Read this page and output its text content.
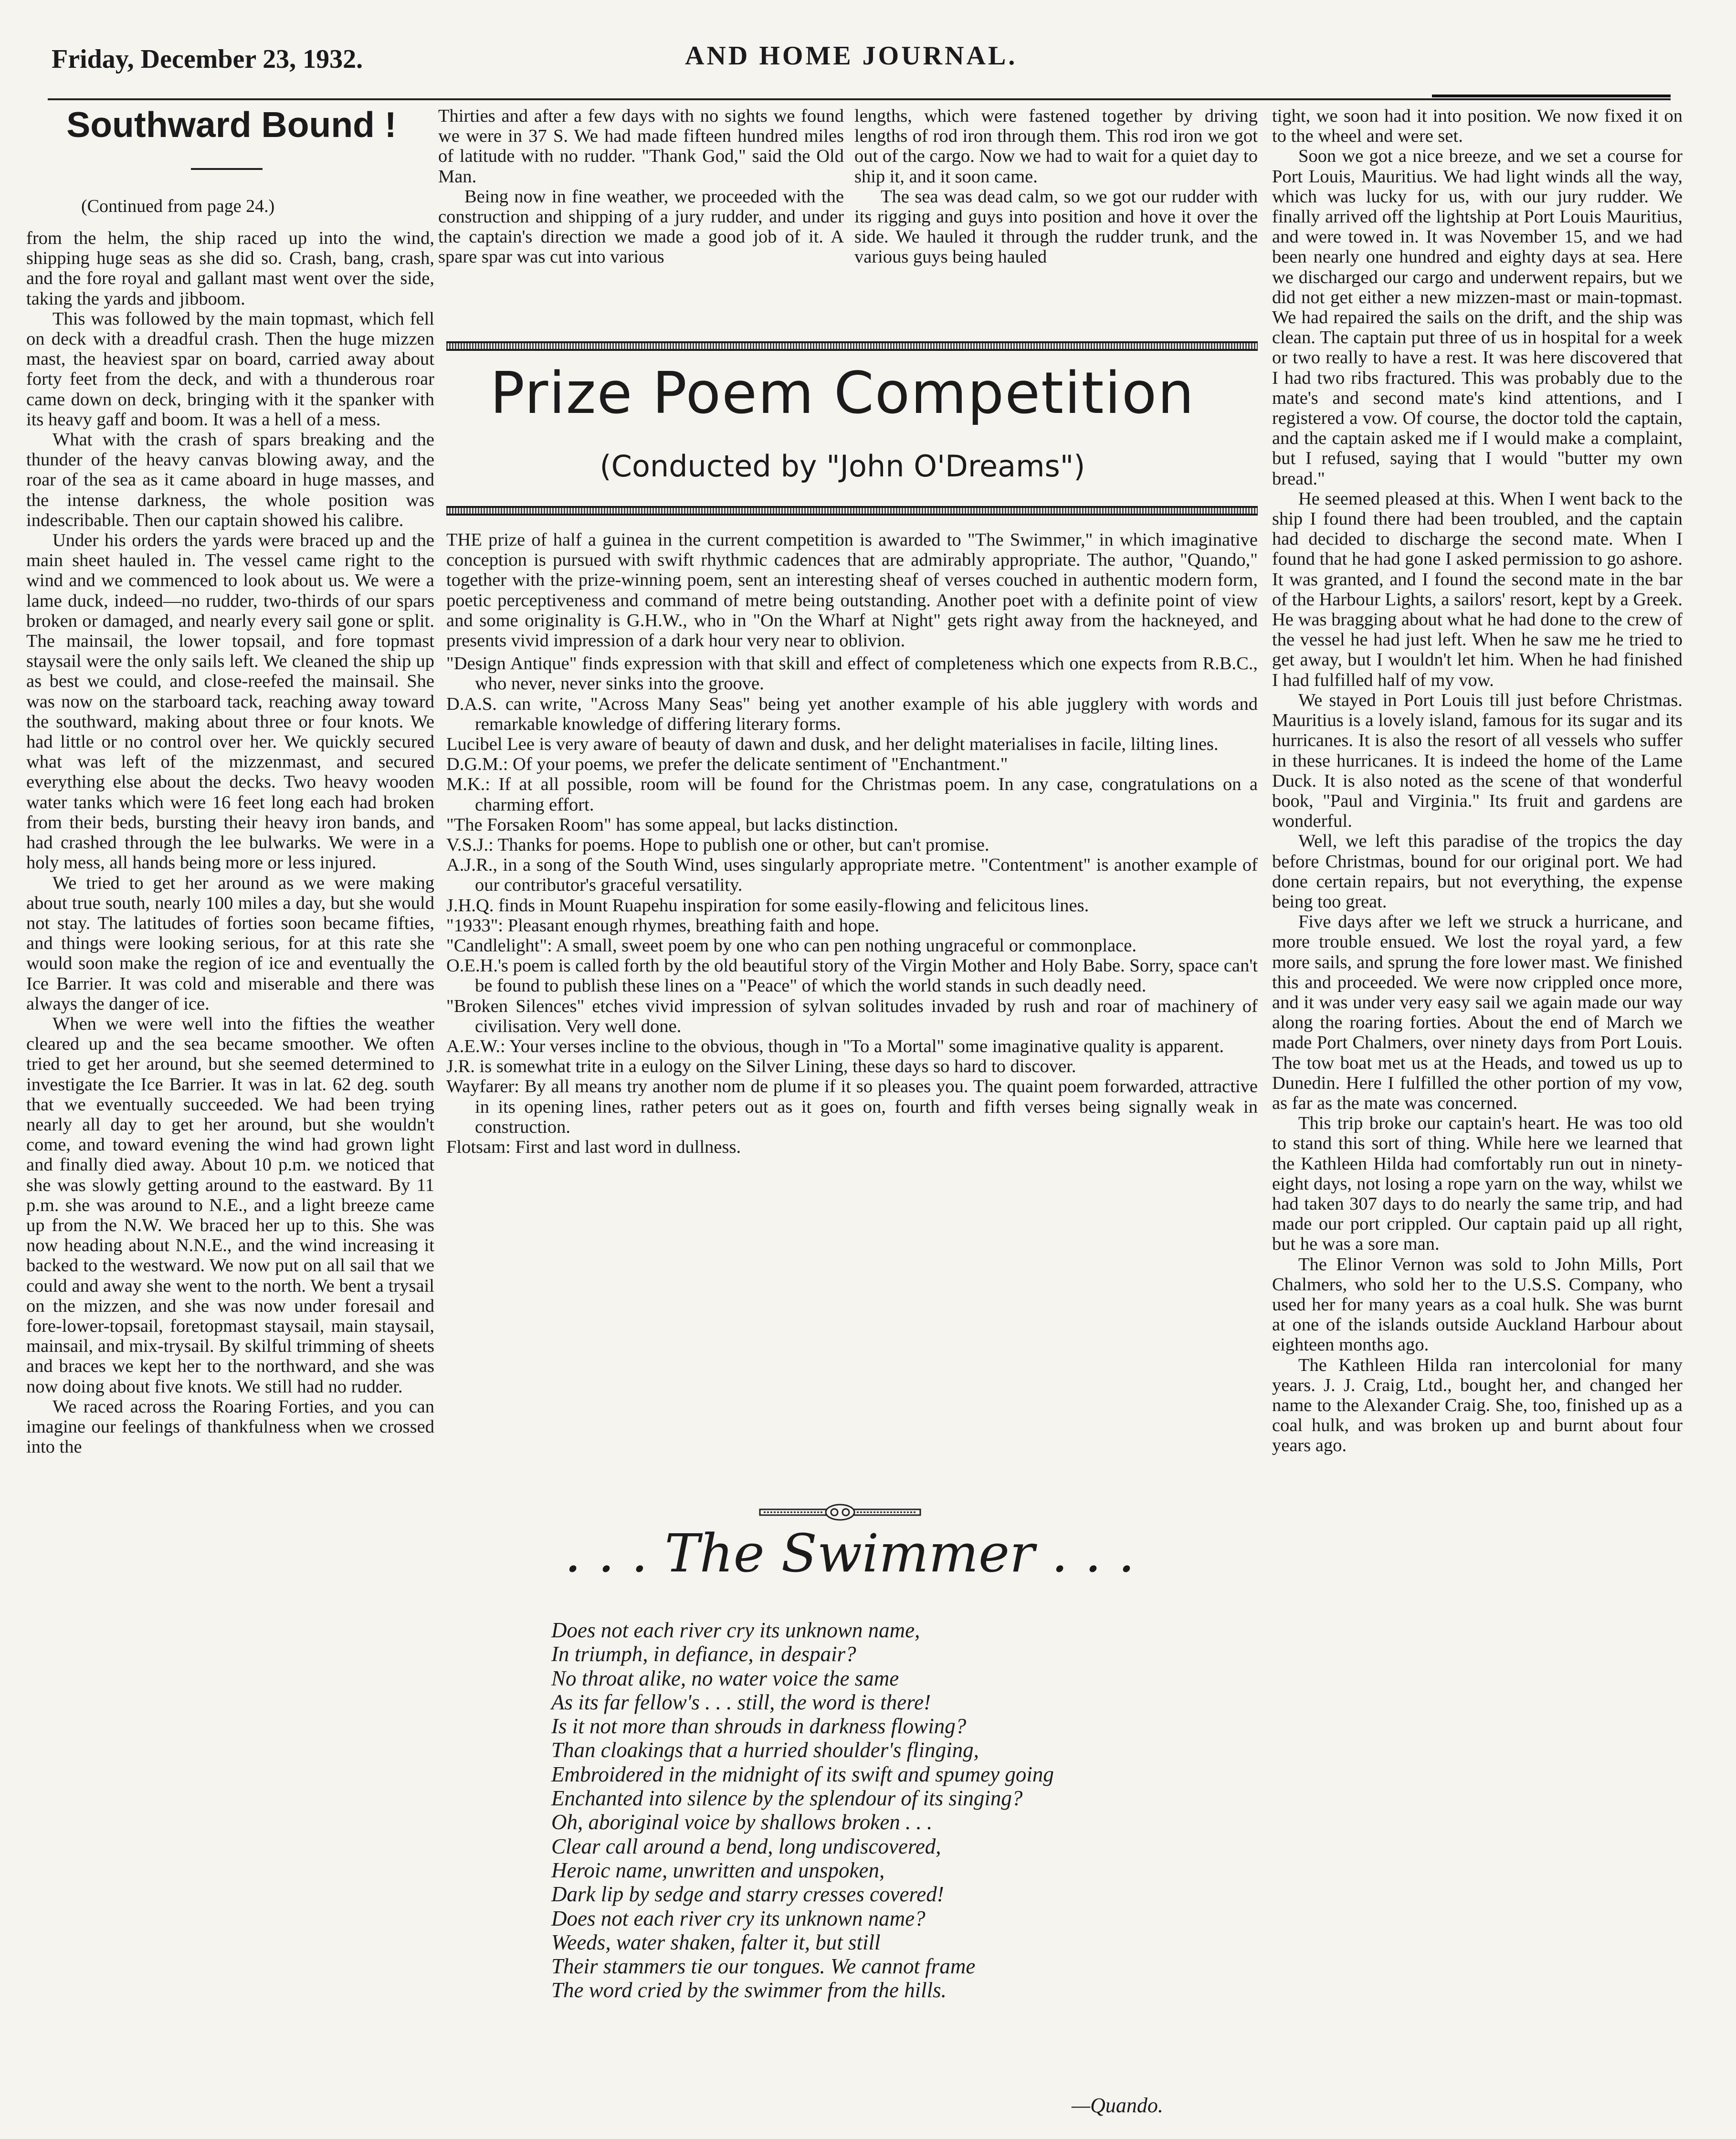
Friday, December 23, 1932.	AND HOME JOURNAL.
Southward Bound !
(Continued from page 24.)

from the helm, the ship raced up into the wind, shipping huge seas as she did so. Crash, bang, crash, and the fore royal and gallant mast went over the side, taking the yards and jibboom.

This was followed by the main topmast, which fell on deck with a dreadful crash. Then the huge mizzen mast, the heaviest spar on board, carried away about forty feet from the deck, and with a thunderous roar came down on deck, bringing with it the spanker with its heavy gaff and boom. It was a hell of a mess.

What with the crash of spars breaking and the thunder of the heavy canvas blowing away, and the roar of the sea as it came aboard in huge masses, and the intense darkness, the whole position was indescribable. Then our captain showed his calibre.

Under his orders the yards were braced up and the main sheet hauled in. The vessel came right to the wind and we commenced to look about us. We were a lame duck, indeed—no rudder, two-thirds of our spars broken or damaged, and nearly every sail gone or split. The mainsail, the lower topsail, and fore topmast staysail were the only sails left. We cleaned the ship up as best we could, and close-reefed the mainsail. She was now on the starboard tack, reaching away toward the southward, making about three or four knots. We had little or no control over her. We quickly secured what was left of the mizzenmast, and secured everything else about the decks. Two heavy wooden water tanks which were 16 feet long each had broken from their beds, bursting their heavy iron bands, and had crashed through the lee bulwarks. We were in a holy mess, all hands being more or less injured.

We tried to get her around as we were making about true south, nearly 100 miles a day, but she would not stay. The latitudes of forties soon became fifties, and things were looking serious, for at this rate she would soon make the region of ice and eventually the Ice Barrier. It was cold and miserable and there was always the danger of ice.

When we were well into the fifties the weather cleared up and the sea became smoother. We often tried to get her around, but she seemed determined to investigate the Ice Barrier. It was in lat. 62 deg. south that we eventually succeeded. We had been trying nearly all day to get her around, but she wouldn't come, and toward evening the wind had grown light and finally died away. About 10 p.m. we noticed that she was slowly getting around to the eastward. By 11 p.m. she was around to N.E., and a light breeze came up from the N.W. We braced her up to this. She was now heading about N.N.E., and the wind increasing it backed to the westward. We now put on all sail that we could and away she went to the north. We bent a trysail on the mizzen, and she was now under foresail and fore-lower-topsail, foretopmast staysail, main staysail, mainsail, and mix-trysail. By skilful trimming of sheets and braces we kept her to the northward, and she was now doing about five knots. We still had no rudder.

We raced across the Roaring Forties, and you can imagine our feelings of thankfulness when we crossed into the

Thirties and after a few days with no sights we found we were in 37 S. We had made fifteen hundred miles of latitude with no rudder. "Thank God," said the Old Man.

Being now in fine weather, we proceeded with the construction and shipping of a jury rudder, and under the captain's direction we made a good job of it. A spare spar was cut into various

lengths, which were fastened together by driving lengths of rod iron through them. This rod iron we got out of the cargo. Now we had to wait for a quiet day to ship it, and it soon came.

The sea was dead calm, so we got our rudder with its rigging and guys into position and hove it over the side. We hauled it through the rudder trunk, and the various guys being hauled

tight, we soon had it into position. We now fixed it on to the wheel and were set.

Soon we got a nice breeze, and we set a course for Port Louis, Mauritius. We had light winds all the way, which was lucky for us, with our jury rudder. We finally arrived off the lightship at Port Louis Mauritius, and were towed in. It was November 15, and we had been nearly one hundred and eighty days at sea. Here we discharged our cargo and underwent repairs, but we did not get either a new mizzen-mast or main-topmast. We had repaired the sails on the drift, and the ship was clean. The captain put three of us in hospital for a week or two really to have a rest. It was here discovered that I had two ribs fractured. This was probably due to the mate's and second mate's kind attentions, and I registered a vow. Of course, the doctor told the captain, and the captain asked me if I would make a complaint, but I refused, saying that I would "butter my own bread."

He seemed pleased at this. When I went back to the ship I found there had been troubled, and the captain had decided to discharge the second mate. When I found that he had gone I asked permission to go ashore. It was granted, and I found the second mate in the bar of the Harbour Lights, a sailors' resort, kept by a Greek. He was bragging about what he had done to the crew of the vessel he had just left. When he saw me he tried to get away, but I wouldn't let him. When he had finished I had fulfilled half of my vow.

We stayed in Port Louis till just before Christmas. Mauritius is a lovely island, famous for its sugar and its hurricanes. It is also the resort of all vessels who suffer in these hurricanes. It is indeed the home of the Lame Duck. It is also noted as the scene of that wonderful book, "Paul and Virginia." Its fruit and gardens are wonderful.

Well, we left this paradise of the tropics the day before Christmas, bound for our original port. We had done certain repairs, but not everything, the expense being too great.

Five days after we left we struck a hurricane, and more trouble ensued. We lost the royal yard, a few more sails, and sprung the fore lower mast. We finished this and proceeded. We were now crippled once more, and it was under very easy sail we again made our way along the roaring forties. About the end of March we made Port Chalmers, over ninety days from Port Louis. The tow boat met us at the Heads, and towed us up to Dunedin. Here I fulfilled the other portion of my vow, as far as the mate was concerned.

This trip broke our captain's heart. He was too old to stand this sort of thing. While here we learned that the Kathleen Hilda had comfortably run out in ninety-eight days, not losing a rope yarn on the way, whilst we had taken 307 days to do nearly the same trip, and had made our port crippled. Our captain paid up all right, but he was a sore man.

The Elinor Vernon was sold to John Mills, Port Chalmers, who sold her to the U.S.S. Company, who used her for many years as a coal hulk. She was burnt at one of the islands outside Auckland Harbour about eighteen months ago.

The Kathleen Hilda ran intercolonial for many years. J. J. Craig, Ltd., bought her, and changed her name to the Alexander Craig. She, too, finished up as a coal hulk, and was broken up and burnt about four years ago.

Prize Poem Competition
(Conducted by "John O'Dreams")

THE prize of half a guinea in the current competition is awarded to "The Swimmer," in which imaginative conception is pursued with swift rhythmic cadences that are admirably appropriate. The author, "Quando," together with the prize-winning poem, sent an interesting sheaf of verses couched in authentic modern form, poetic perceptiveness and command of metre being outstanding. Another poet with a definite point of view and some originality is G.H.W., who in "On the Wharf at Night" gets right away from the hackneyed, and presents vivid impression of a dark hour very near to oblivion.

"Design Antique" finds expression with that skill and effect of completeness which one expects from R.B.C., who never, never sinks into the groove.

D.A.S. can write, "Across Many Seas" being yet another example of his able jugglery with words and remarkable knowledge of differing literary forms.

Lucibel Lee is very aware of beauty of dawn and dusk, and her delight materialises in facile, lilting lines.

D.G.M.: Of your poems, we prefer the delicate sentiment of "Enchantment."

M.K.: If at all possible, room will be found for the Christmas poem. In any case, congratulations on a charming effort.

"The Forsaken Room" has some appeal, but lacks distinction.

V.S.J.: Thanks for poems. Hope to publish one or other, but can't promise.

A.J.R., in a song of the South Wind, uses singularly appropriate metre. "Contentment" is another example of our contributor's graceful versatility.

J.H.Q. finds in Mount Ruapehu inspiration for some easily-flowing and felicitous lines.

"1933": Pleasant enough rhymes, breathing faith and hope.

"Candlelight": A small, sweet poem by one who can pen nothing ungraceful or commonplace.

O.E.H.'s poem is called forth by the old beautiful story of the Virgin Mother and Holy Babe. Sorry, space can't be found to publish these lines on a "Peace" of which the world stands in such deadly need.

"Broken Silences" etches vivid impression of sylvan solitudes invaded by rush and roar of machinery of civilisation. Very well done.

A.E.W.: Your verses incline to the obvious, though in "To a Mortal" some imaginative quality is apparent.

J.R. is somewhat trite in a eulogy on the Silver Lining, these days so hard to discover.

Wayfarer: By all means try another nom de plume if it so pleases you. The quaint poem forwarded, attractive in its opening lines, rather peters out as it goes on, fourth and fifth verses being signally weak in construction.

Flotsam: First and last word in dullness.

. . . The Swimmer . . .

Does not each river cry its unknown name,

In triumph, in defiance, in despair?

No throat alike, no water voice the same

As its far fellow's . . . still, the word is there!

Is it not more than shrouds in darkness flowing?

Than cloakings that a hurried shoulder's flinging,

Embroidered in the midnight of its swift and spumey going

Enchanted into silence by the splendour of its singing?

Oh, aboriginal voice by shallows broken . . .

Clear call around a bend, long undiscovered,

Heroic name, unwritten and unspoken,

Dark lip by sedge and starry cresses covered!

Does not each river cry its unknown name?

Weeds, water shaken, falter it, but still

Their stammers tie our tongues. We cannot frame

The word cried by the swimmer from the hills.

—Quando.
